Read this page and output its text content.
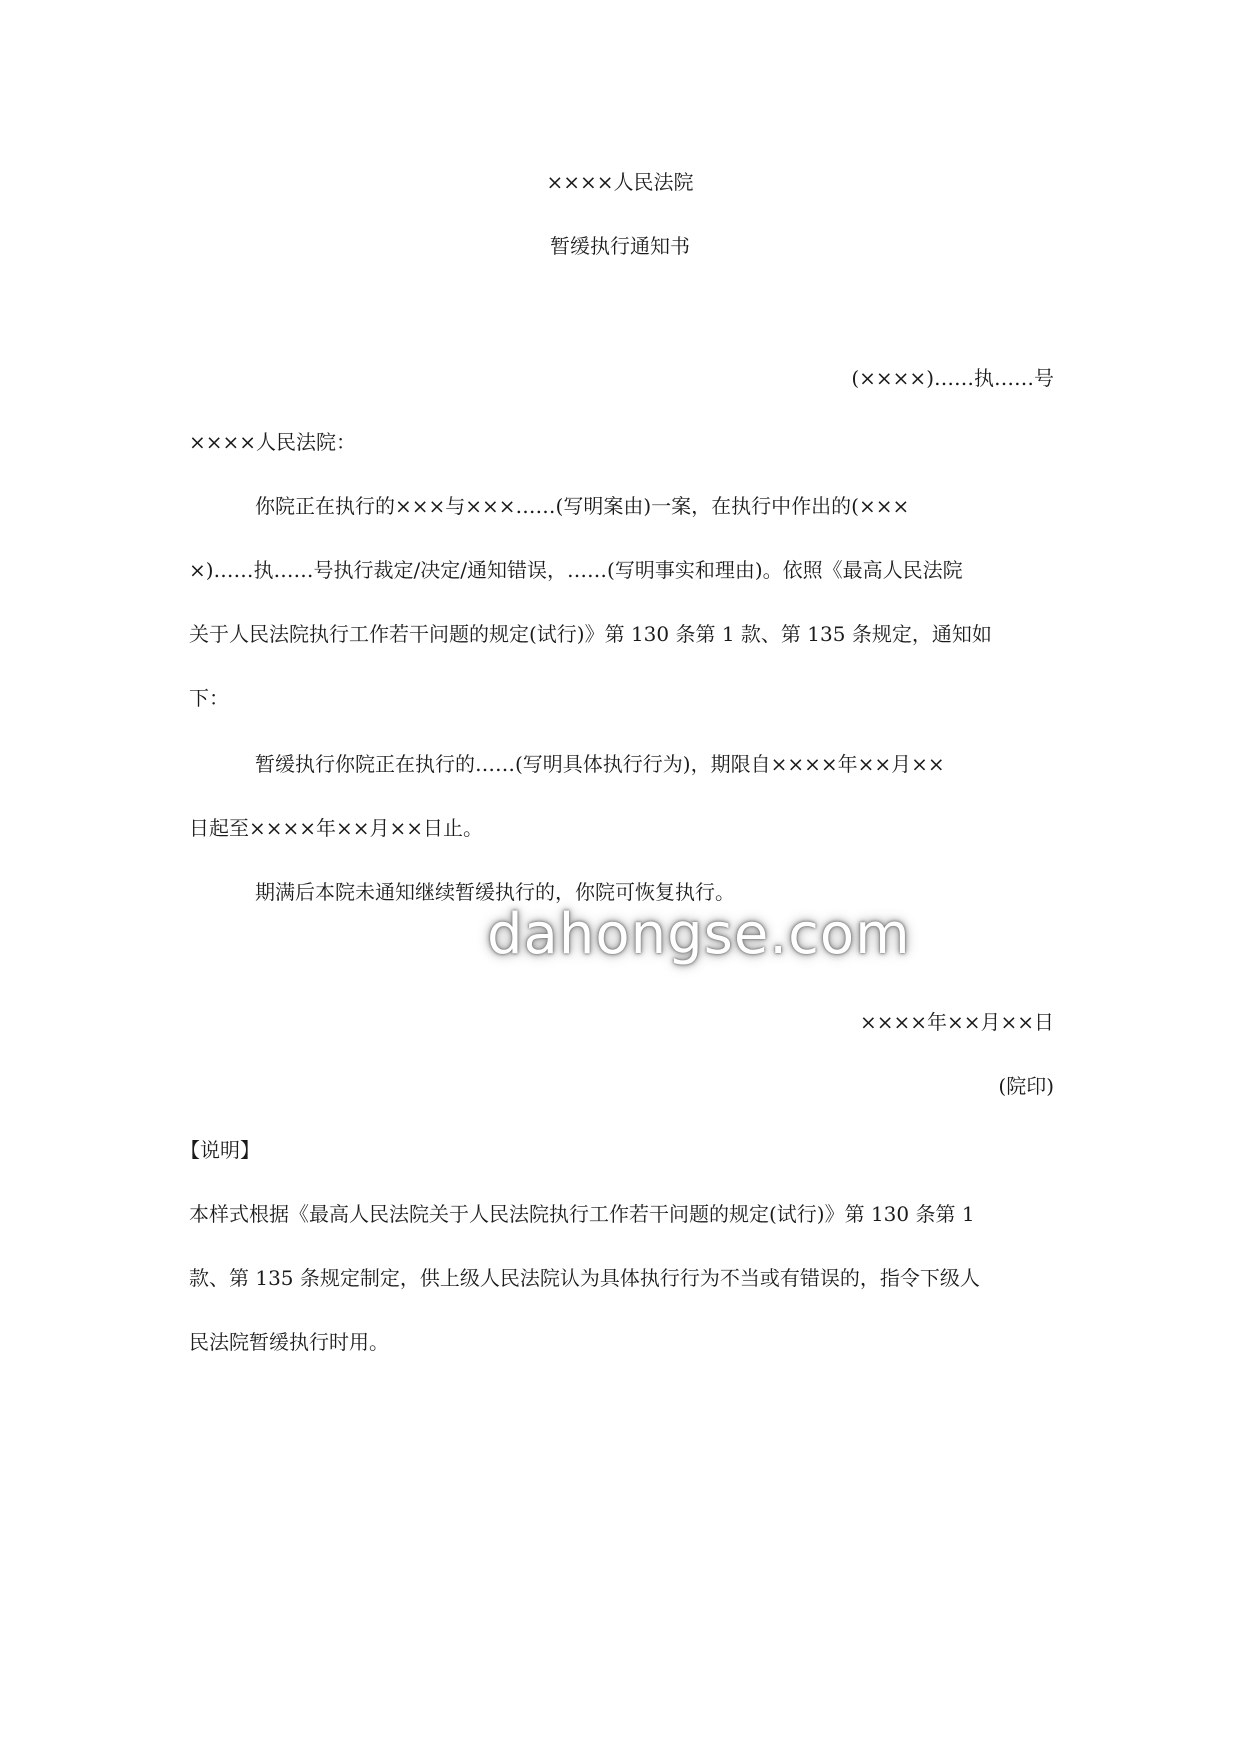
××××人民法院
暂缓执行通知书
(××××)……执……号
××××人民法院：
你院正在执行的×××与×××……(写明案由)一案，在执行中作出的(×××
×)……执……号执行裁定/决定/通知错误，……(写明事实和理由)。依照《最高人民法院
关于人民法院执行工作若干问题的规定(试行)》第 130 条第 1 款、第 135 条规定，通知如
下：
暂缓执行你院正在执行的……(写明具体执行行为)，期限自××××年××月××
日起至××××年××月××日止。
期满后本院未通知继续暂缓执行的，你院可恢复执行。
dahongse.com
××××年××月××日
(院印)
【说明】
本样式根据《最高人民法院关于人民法院执行工作若干问题的规定(试行)》第 130 条第 1
款、第 135 条规定制定，供上级人民法院认为具体执行行为不当或有错误的，指令下级人
民法院暂缓执行时用。
